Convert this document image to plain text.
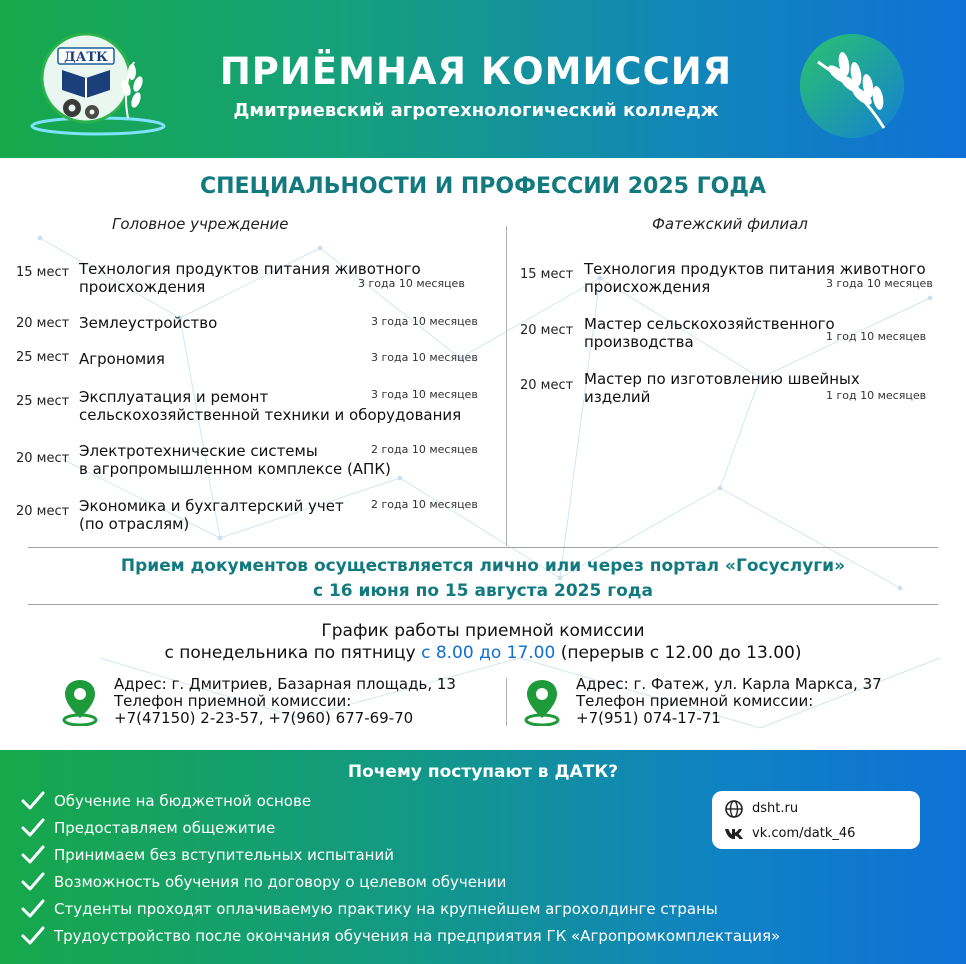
ДАТК	ПРИЁМНАЯ КОМИССИЯ
Дмитриевский агротехнологический колледж
СПЕЦИАЛЬНОСТИ И ПРОФЕССИИ 2025 ГОДА
Головное учреждение	Фатежский филиал
15 мест Технология продуктов питания животного
происхождения	3 года 10 месяцев
20 мест Землеустройство	3 года 10 месяцев
25 мест Агрономия	3 года 10 месяцев
25 мест Эксплуатация и ремонт
сельскохозяйственной техники и оборудования
3 года 10 месяцев
20 мест Электротехнические системы
в агропромышленном комплексе (АПК)
2 года 10 месяцев
20 мест Экономика и бухгалтерский учет
(по отраслям)
2 года 10 месяцев
15 мест Технология продуктов питания животного
происхождения	3 года 10 месяцев
20 мест Мастер сельскохозяйственного
производства	1 год 10 месяцев
20 мест Мастер по изготовлению швейных
изделий	1 год 10 месяцев
Прием документов осуществляется лично или через портал «Госуслуги»
с 16 июня по 15 августа 2025 года
График работы приемной комиссии
с понедельника по пятницу с 8.00 до 17.00 (перерыв с 12.00 до 13.00)
Адрес: г. Дмитриев, Базарная площадь, 13
Телефон приемной комиссии:
+7(47150) 2-23-57, +7(960) 677-69-70
Адрес: г. Фатеж, ул. Карла Маркса, 37
Телефон приемной комиссии:
+7(951) 074-17-71
Почему поступают в ДАТК?
Обучение на бюджетной основе
Предоставляем общежитие
Принимаем без вступительных испытаний
Возможность обучения по договору о целевом обучении
Студенты проходят оплачиваемую практику на крупнейшем агрохолдинге страны
Трудоустройство после окончания обучения на предприятия ГК «Агропромкомплектация»
dsht.ru
vk.com/datk_46
